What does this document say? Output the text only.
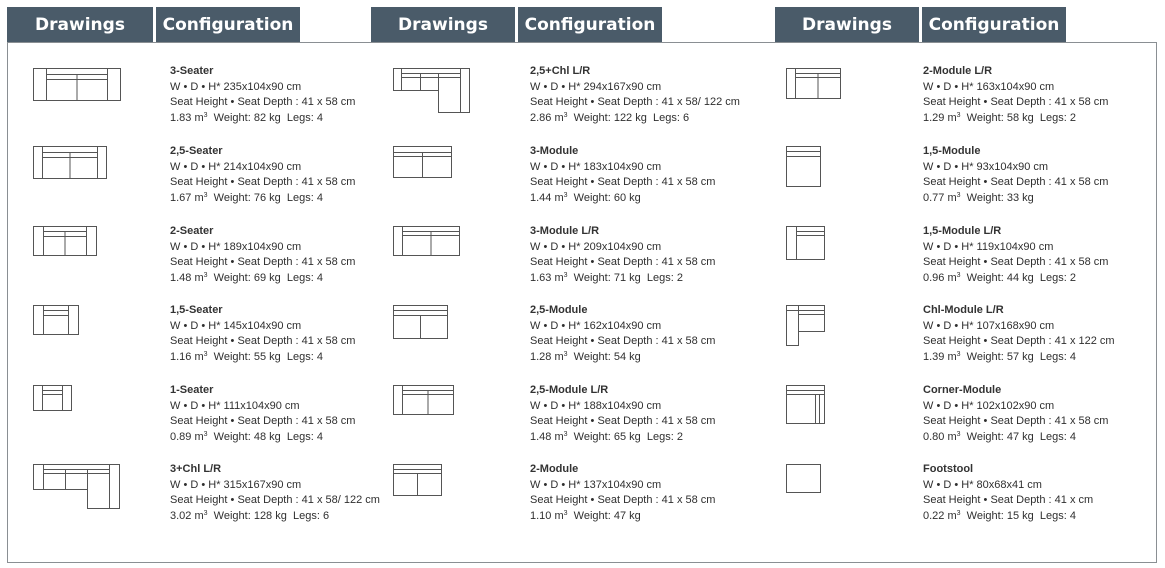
Drawings	Configuration	Drawings	Configuration	Drawings	Configuration
3-Seater
W • D • H* 235x104x90 cm
Seat Height • Seat Depth : 41 x 58 cm
1.83 $m^3$ Weight: 82 kg Legs: 4
2,5-Seater
W • D • H* 214x104x90 cm
Seat Height • Seat Depth : 41 x 58 cm
1.67 $m^3$ Weight: 76 kg Legs: 4
2-Seater
W • D • H* 189x104x90 cm
Seat Height • Seat Depth : 41 x 58 cm
1.48 $m^3$ Weight: 69 kg Legs: 4
1,5-Seater
W • D • H* 145x104x90 cm
Seat Height • Seat Depth : 41 x 58 cm
1.16 $m^3$ Weight: 55 kg Legs: 4
1-Seater
W • D • H* 111x104x90 cm
Seat Height • Seat Depth : 41 x 58 cm
0.89 $m^3$ Weight: 48 kg Legs: 4
3+Chl L/R
W • D • H* 315x167x90 cm
Seat Height • Seat Depth : 41 x 58/ 122 cm
3.02 $m^3$ Weight: 128 kg Legs: 6
2,5+Chl L/R
W • D • H* 294x167x90 cm
Seat Height • Seat Depth : 41 x 58/ 122 cm
2.86 $m^3$ Weight: 122 kg Legs: 6
3-Module
W • D • H* 183x104x90 cm
Seat Height • Seat Depth : 41 x 58 cm
1.44 $m^3$ Weight: 60 kg
3-Module L/R
W • D • H* 209x104x90 cm
Seat Height • Seat Depth : 41 x 58 cm
1.63 $m^3$ Weight: 71 kg Legs: 2
2,5-Module
W • D • H* 162x104x90 cm
Seat Height • Seat Depth : 41 x 58 cm
1.28 $m^3$ Weight: 54 kg
2,5-Module L/R
W • D • H* 188x104x90 cm
Seat Height • Seat Depth : 41 x 58 cm
1.48 $m^3$ Weight: 65 kg Legs: 2
2-Module
W • D • H* 137x104x90 cm
Seat Height • Seat Depth : 41 x 58 cm
1.10 $m^3$ Weight: 47 kg
2-Module L/R
W • D • H* 163x104x90 cm
Seat Height • Seat Depth : 41 x 58 cm
1.29 $m^3$ Weight: 58 kg Legs: 2
1,5-Module
W • D • H* 93x104x90 cm
Seat Height • Seat Depth : 41 x 58 cm
0.77 $m^3$ Weight: 33 kg
1,5-Module L/R
W • D • H* 119x104x90 cm
Seat Height • Seat Depth : 41 x 58 cm
0.96 $m^3$ Weight: 44 kg Legs: 2
Chl-Module L/R
W • D • H* 107x168x90 cm
Seat Height • Seat Depth : 41 x 122 cm
1.39 $m^3$ Weight: 57 kg Legs: 4
Corner-Module
W • D • H* 102x102x90 cm
Seat Height • Seat Depth : 41 x 58 cm
0.80 $m^3$ Weight: 47 kg Legs: 4
Footstool
W • D • H* 80x68x41 cm
Seat Height • Seat Depth : 41 x cm
0.22 $m^3$ Weight: 15 kg Legs: 4
